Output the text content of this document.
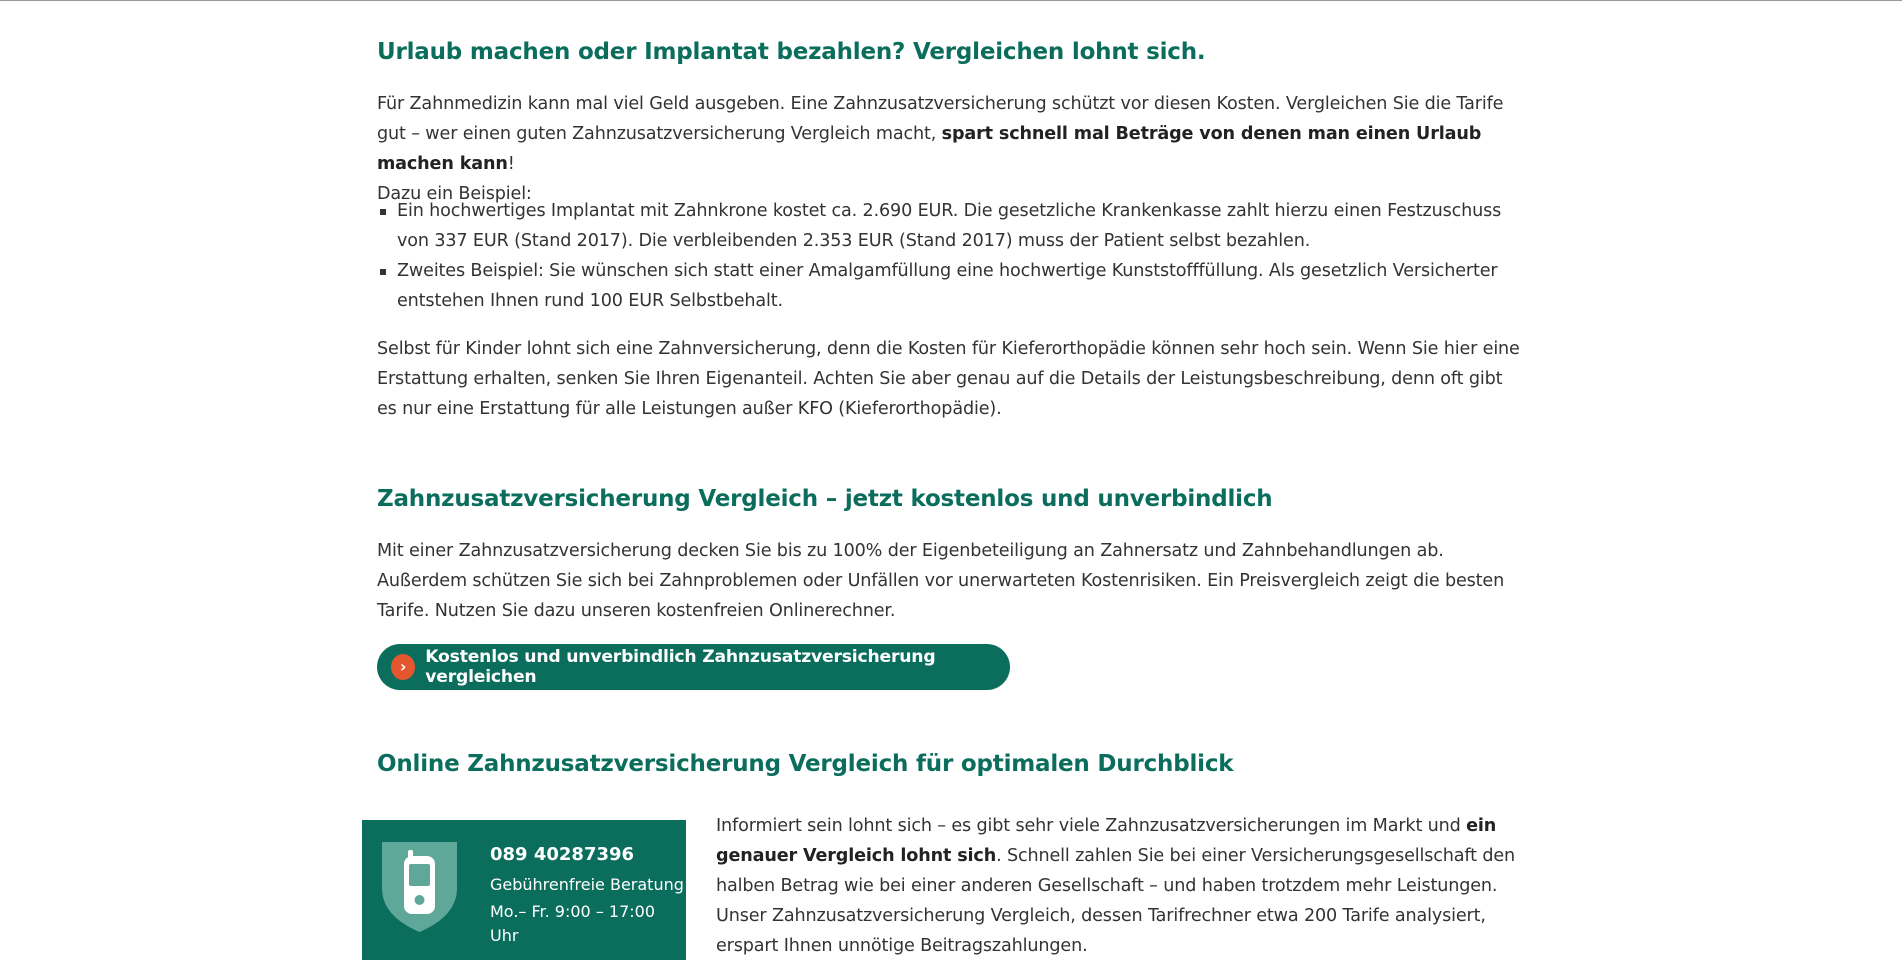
Urlaub machen oder Implantat bezahlen? Vergleichen lohnt sich.

Für Zahnmedizin kann mal viel Geld ausgeben. Eine Zahnzusatzversicherung schützt vor diesen Kosten. Vergleichen Sie die Tarife gut – wer einen guten Zahnzusatzversicherung Vergleich macht, spart schnell mal Beträge von denen man einen Urlaub machen kann!
Dazu ein Beispiel:

Ein hochwertiges Implantat mit Zahnkrone kostet ca. 2.690 EUR. Die gesetzliche Krankenkasse zahlt hierzu einen Festzuschuss von 337 EUR (Stand 2017). Die verbleibenden 2.353 EUR (Stand 2017) muss der Patient selbst bezahlen.
Zweites Beispiel: Sie wünschen sich statt einer Amalgamfüllung eine hochwertige Kunststofffüllung. Als gesetzlich Versicherter entstehen Ihnen rund 100 EUR Selbstbehalt.

Selbst für Kinder lohnt sich eine Zahnversicherung, denn die Kosten für Kieferorthopädie können sehr hoch sein. Wenn Sie hier eine Erstattung erhalten, senken Sie Ihren Eigenanteil. Achten Sie aber genau auf die Details der Leistungsbeschreibung, denn oft gibt es nur eine Erstattung für alle Leistungen außer KFO (Kieferorthopädie).

Zahnzusatzversicherung Vergleich – jetzt kostenlos und unverbindlich

Mit einer Zahnzusatzversicherung decken Sie bis zu 100% der Eigenbeteiligung an Zahnersatz und Zahnbehandlungen ab. Außerdem schützen Sie sich bei Zahnproblemen oder Unfällen vor unerwarteten Kostenrisiken. Ein Preisvergleich zeigt die besten Tarife. Nutzen Sie dazu unseren kostenfreien Onlinerechner.

›	Kostenlos und unverbindlich Zahnzusatzversicherung vergleichen
Online Zahnzusatzversicherung Vergleich für optimalen Durchblick
089 40287396
Gebührenfreie Beratung
Mo.– Fr. 9:00 – 17:00 Uhr

Informiert sein lohnt sich – es gibt sehr viele Zahnzusatzversicherungen im Markt und ein genauer Vergleich lohnt sich. Schnell zahlen Sie bei einer Versicherungsgesellschaft den halben Betrag wie bei einer anderen Gesellschaft – und haben trotzdem mehr Leistungen.
Unser Zahnzusatzversicherung Vergleich, dessen Tarifrechner etwa 200 Tarife analysiert, erspart Ihnen unnötige Beitragszahlungen.
